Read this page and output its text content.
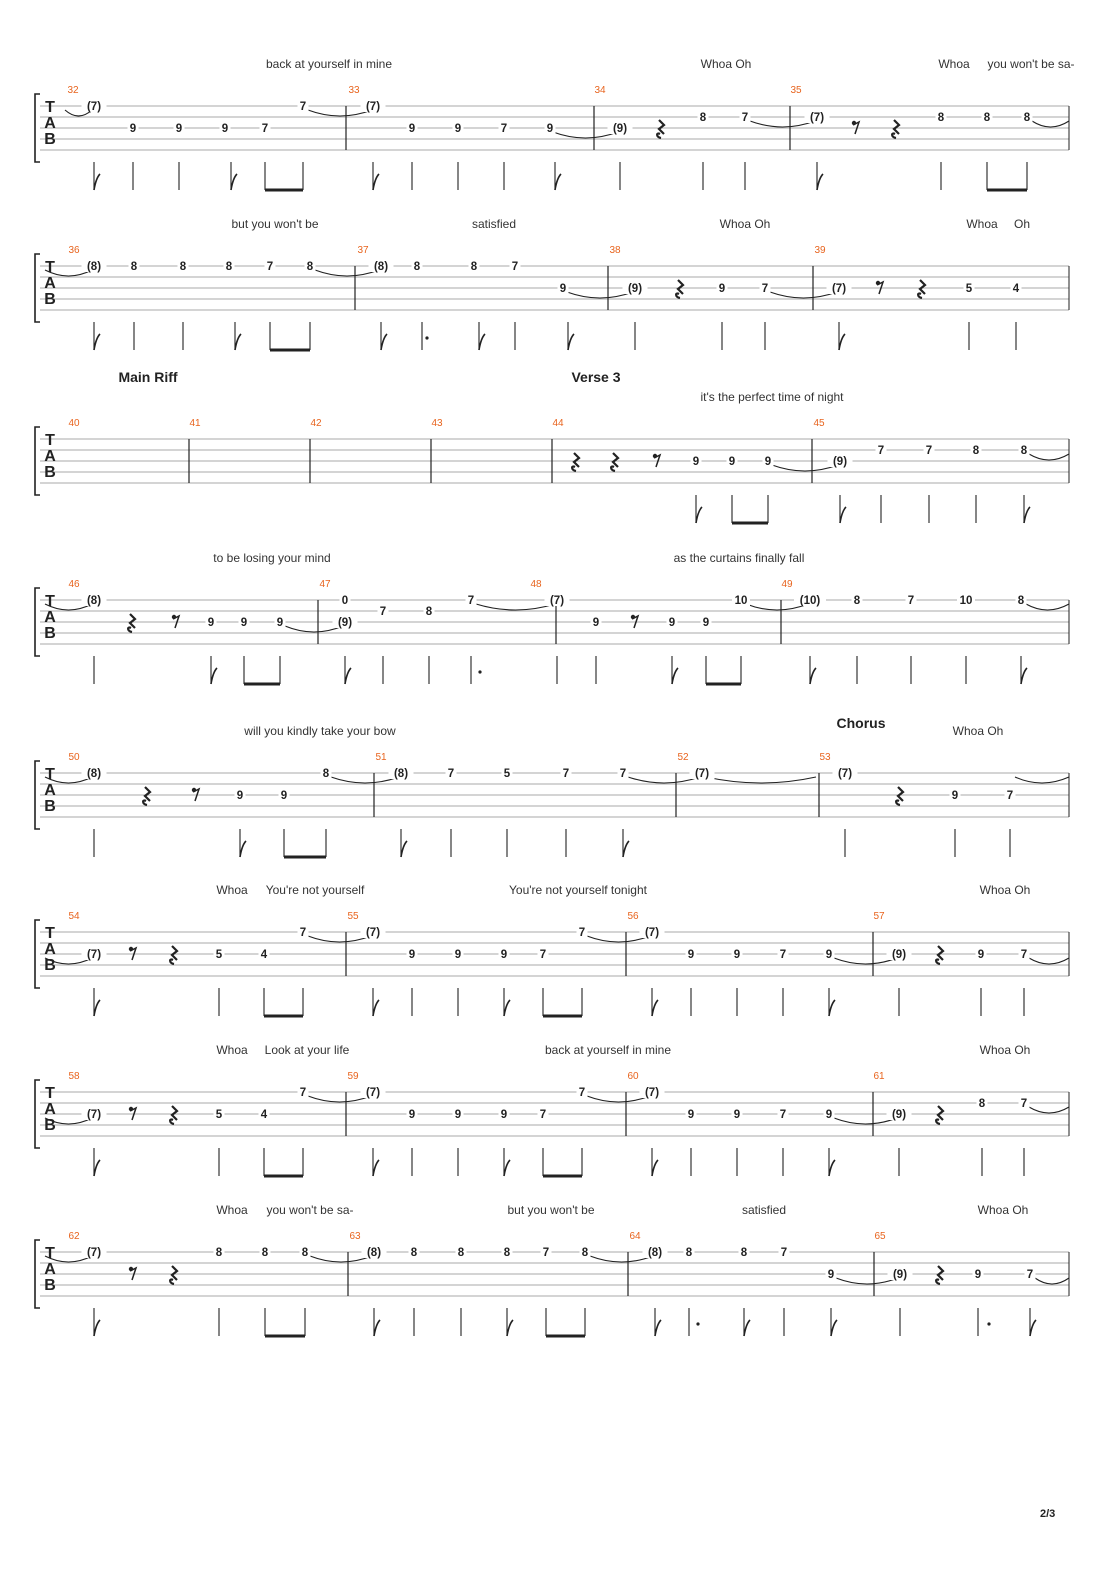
T
A
B
back at yourself in mine	Whoa Oh	Whoa you won't be sa-
32
(7)
9	9	9	7
7
33
(7)
9	9	7	9
34
(9)
8	7
35
(7)	8	8	8
T
A
B
but you won't be	satisfied	Whoa Oh	Whoa Oh
36
(8)	8	8	8	7	8
37
(8) 8	8	7
9
38
(9)	9	7
39
(7)	5	4
T
A
B
it's the perfect time of night
40	41	42	43	44
9	9	9
45
(9)
7	7	8	8
T
A
B
to be losing your mind	as the curtains finally fall
46
(8)
9 9	9
47
(9)
0
7	8
7
48
(7)
9	9 9
10
49
(10)	8	7	10	8
T
A
B
will you kindly take your bow	Whoa Oh
50
(8)
9	9
8
51
(8)	7	5	7	7
52
(7)
53
(7)
9	7
T
A
B
Whoa You're not yourself	You're not yourself tonight	Whoa Oh
54
(7)	5	4
7
55
(7)
9	9	9	7
7
56
(7)
9	9	7	9
57
(9)	9	7
T
A
B
Whoa Look at your life	back at yourself in mine	Whoa Oh
58
(7)	5	4
7
59
(7)
9	9	9	7
7
60
(7)
9	9	7	9
61
(9)
8	7
T
A
B
Whoa you won't be sa-	but you won't be	satisfied	Whoa Oh
62
(7)	8	8	8
63
(8)	8	8	8	7	8
64
(8) 8	8	7
9
65
(9)	9	7
Main Riff	Verse 3
Chorus
2/3
